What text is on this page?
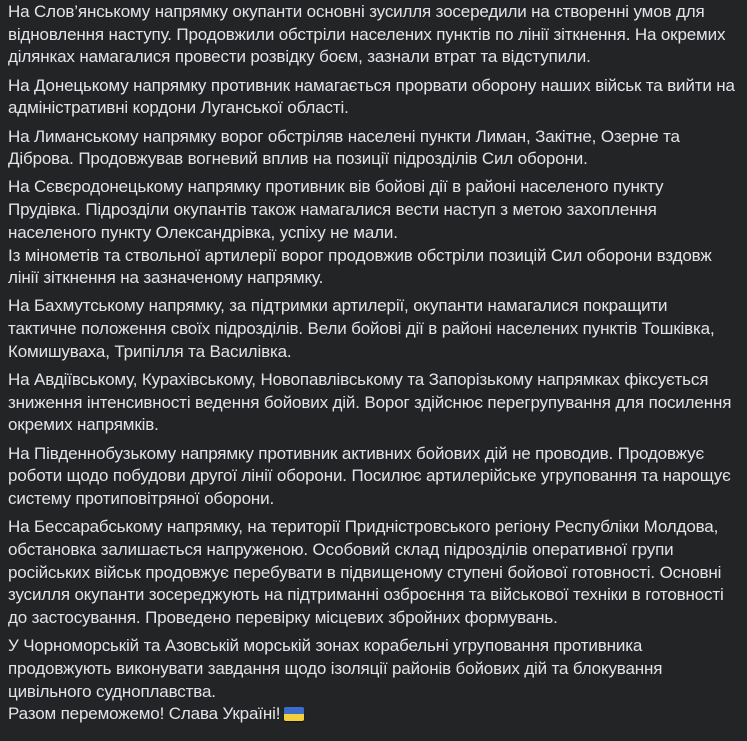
На Слов’янському напрямку окупанти основні зусилля зосередили на створенні умов для відновлення наступу. Продовжили обстріли населених пунктів по лінії зіткнення. На окремих ділянках намагалися провести розвідку боєм, зазнали втрат та відступили.

На Донецькому напрямку противник намагається прорвати оборону наших військ та вийти на адміністративні кордони Луганської області.

На Лиманському напрямку ворог обстріляв населені пункти Лиман, Закітне, Озерне та Діброва. Продовжував вогневий вплив на позиції підрозділів Сил оборони.

На Сєвєродонецькому напрямку противник вів бойові дії в районі населеного пункту Прудівка. Підрозділи окупантів також намагалися вести наступ з метою захоплення населеного пункту Олександрівка, успіху не мали.

Із мінометів та ствольної артилерії ворог продовжив обстріли позицій Сил оборони вздовж лінії зіткнення на зазначеному напрямку.

На Бахмутському напрямку, за підтримки артилерії, окупанти намагалися покращити тактичне положення своїх підрозділів. Вели бойові дії в районі населених пунктів Тошківка, Комишуваха, Трипілля та Василівка.

На Авдіївському, Курахівському, Новопавлівському та Запорізькому напрямках фіксується зниження інтенсивності ведення бойових дій. Ворог здійснює перегрупування для посилення окремих напрямків.

На Південнобузькому напрямку противник активних бойових дій не проводив. Продовжує роботи щодо побудови другої лінії оборони. Посилює артилерійське угруповання та нарощує систему протиповітряної оборони.

На Бессарабському напрямку, на території Придністровського регіону Республіки Молдова, обстановка залишається напруженою. Особовий склад підрозділів оперативної групи російських військ продовжує перебувати в підвищеному ступені бойової готовності. Основні зусилля окупанти зосереджують на підтриманні озброєння та військової техніки в готовності до застосування. Проведено перевірку місцевих збройних формувань.

У Чорноморській та Азовській морській зонах корабельні угруповання противника продовжують виконувати завдання щодо ізоляції районів бойових дій та блокування цивільного судноплавства.

Разом переможемо! Слава Україні!
